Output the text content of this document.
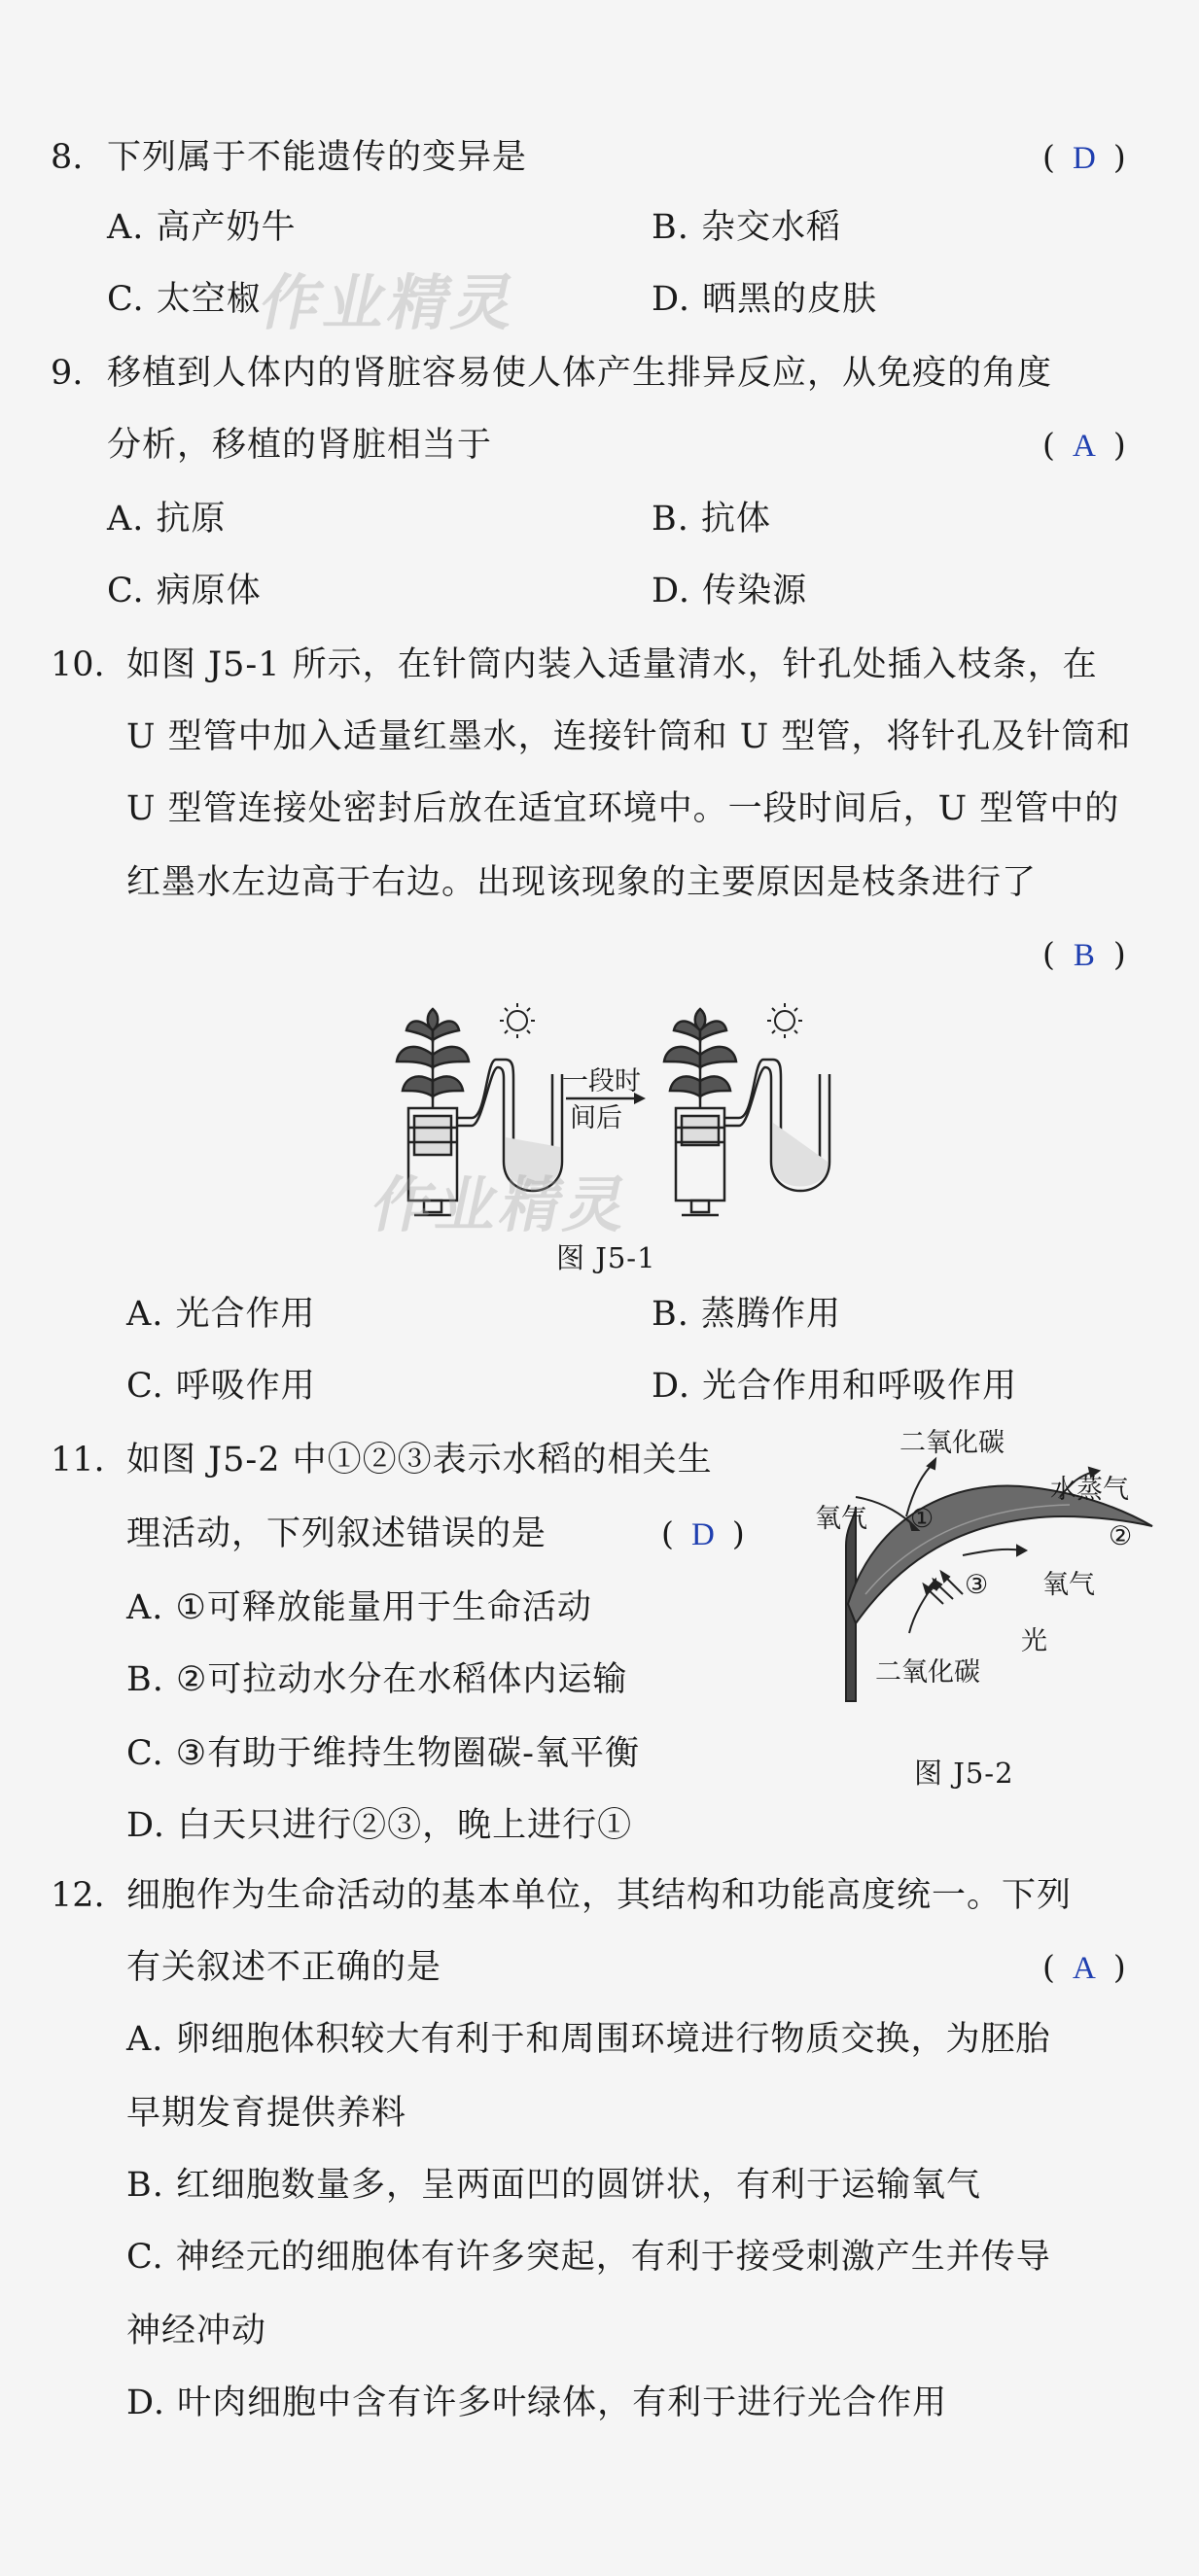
8. 下列属于不能遗传的变异是	( D )
A. 高产奶牛	B. 杂交水稻
C. 太空椒	D. 晒黑的皮肤
作业精灵
9. 移植到人体内的肾脏容易使人体产生排异反应，从免疫的角度
分析，移植的肾脏相当于	( A )
A. 抗原	B. 抗体
C. 病原体	D. 传染源
10. 如图 J5-1 所示，在针筒内装入适量清水，针孔处插入枝条，在
U 型管中加入适量红墨水，连接针筒和 U 型管，将针孔及针筒和
U 型管连接处密封后放在适宜环境中。一段时间后，U 型管中的
红墨水左边高于右边。出现该现象的主要原因是枝条进行了
( B )
一段时
间后
作业精灵
图 J5-1
A. 光合作用	B. 蒸腾作用
C. 呼吸作用	D. 光合作用和呼吸作用
11. 如图 J5-2 中①②③表示水稻的相关生
理活动，下列叙述错误的是	( D )
A. ①可释放能量用于生命活动
B. ②可拉动水分在水稻体内运输
C. ③有助于维持生物圈碳-氧平衡
D. 白天只进行②③，晚上进行①
二氧化碳
氧气 ①
水蒸气
②
③ 氧气
光
二氧化碳
图 J5-2
12. 细胞作为生命活动的基本单位，其结构和功能高度统一。下列
有关叙述不正确的是	( A )
A. 卵细胞体积较大有利于和周围环境进行物质交换，为胚胎
早期发育提供养料
B. 红细胞数量多，呈两面凹的圆饼状，有利于运输氧气
C. 神经元的细胞体有许多突起，有利于接受刺激产生并传导
神经冲动
D. 叶肉细胞中含有许多叶绿体，有利于进行光合作用
